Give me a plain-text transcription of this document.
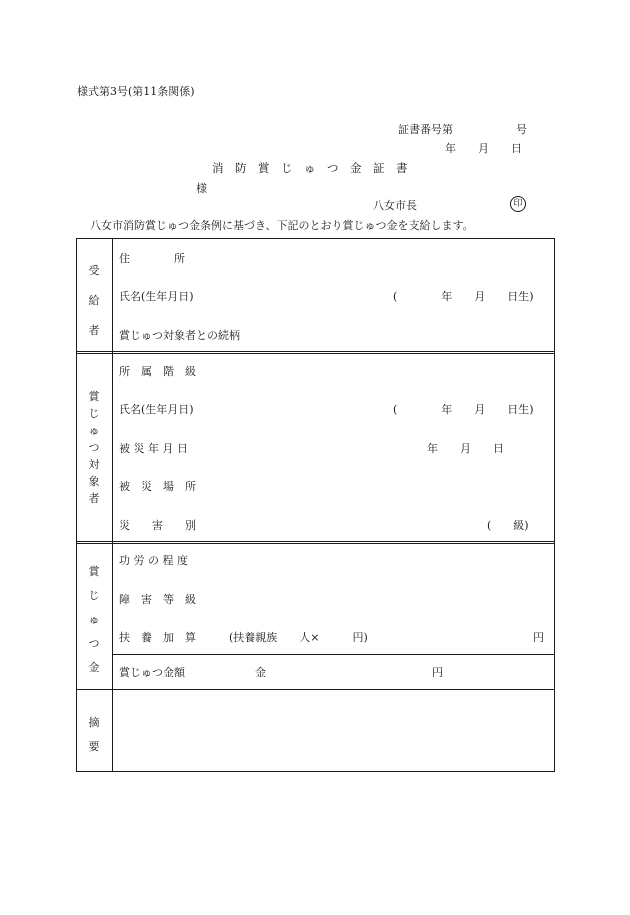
様式第3号(第11条関係)
証書番号第	号
年　　月　　日
消 防 賞 じ ゅ つ 金 証 書
様
八女市長	印
八女市消防賞じゅつ金条例に基づき、下記のとおり賞じゅつ金を支給します。
受
給
者
住　　　　所
氏名(生年月日)	(　　　　年　　月　　日生)
賞じゅつ対象者との続柄
賞
じ
ゅ
つ
対
象
者
所　属　階　級
氏名(生年月日)	(　　　　年　　月　　日生)
被 災 年 月 日	年　　月　　日
被　災　場　所
災　　害　　別	(　　級)
賞
じ
ゅ
つ
金
功 労 の 程 度
障　害　等　級
扶　養　加　算	(扶養親族　　人×　　　円)	円
賞じゅつ金額	金	円
摘
要
